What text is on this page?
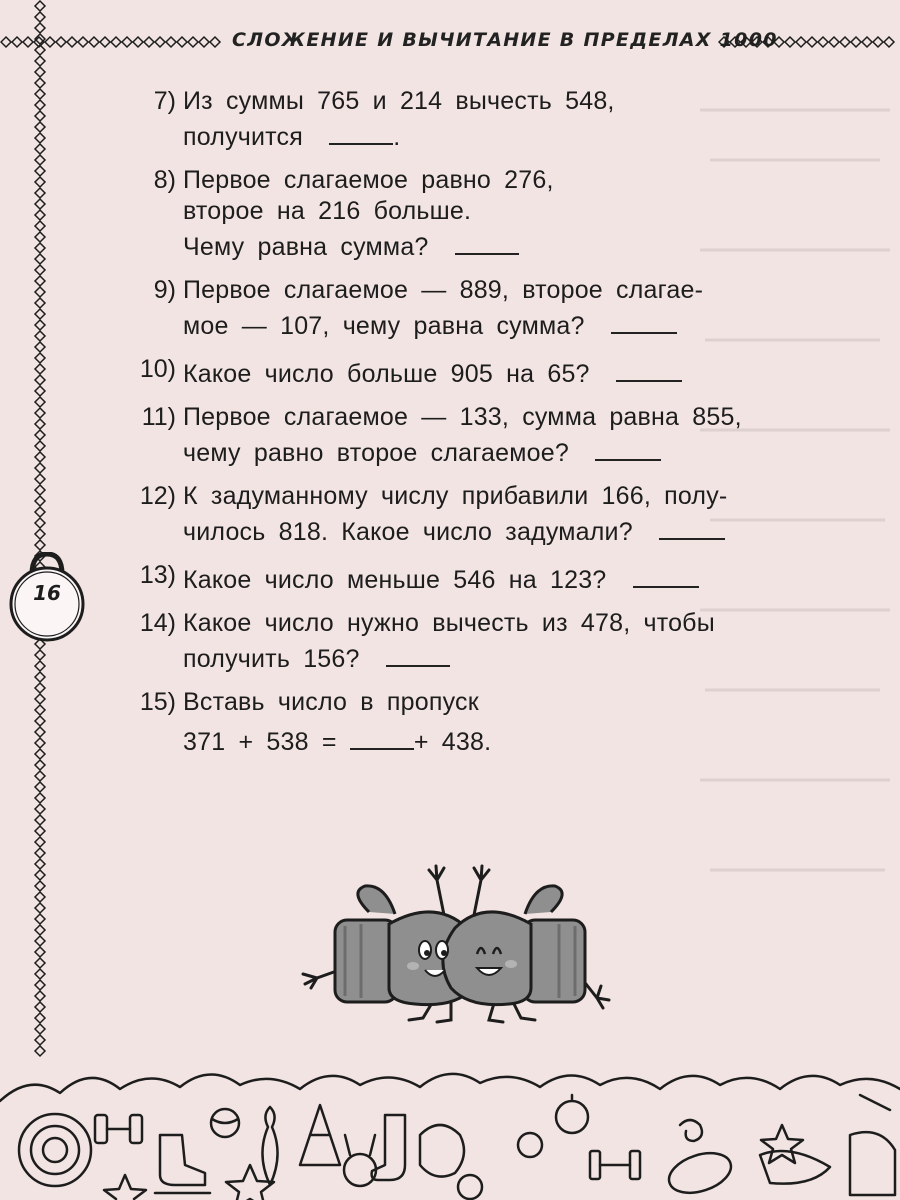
СЛОЖЕНИЕ И ВЫЧИТАНИЕ В ПРЕДЕЛАХ 1000
7) Из суммы 765 и 214 вычесть 548,
получится	.
8) Первое слагаемое равно 276,
второе на 216 больше.
Чему равна сумма?
9) Первое слагаемое — 889, второе слагае-
мое — 107, чему равна сумма?
10) Какое число больше 905 на 65?
11) Первое слагаемое — 133, сумма равна 855,
чему равно второе слагаемое?
12) К задуманному числу прибавили 166, полу-
чилось 818. Какое число задумали?
13) Какое число меньше 546 на 123?
14) Какое число нужно вычесть из 478, чтобы
получить 156?
15) Вставь число в пропуск
371 + 538 =	+ 438.
16
